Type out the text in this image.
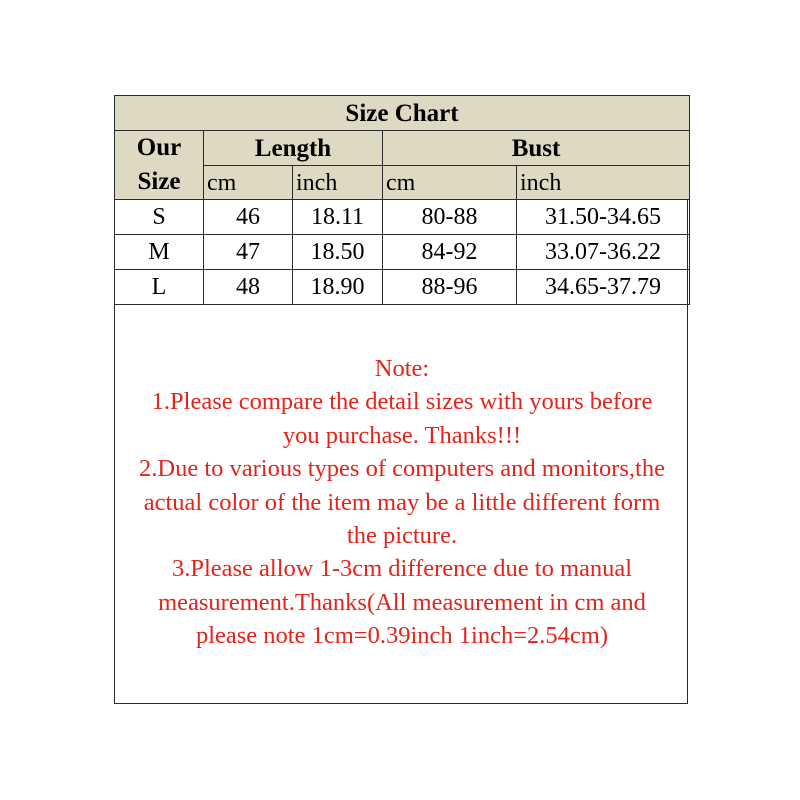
Size Chart				
Our
Size	Length		Bust	
	cm	inch	cm	inch
S	46	18.11	80-88	31.50-34.65
M	47	18.50	84-92	33.07-36.22
L	48	18.90	88-96	34.65-37.79
Note:
1.Please compare the detail sizes with yours before
you purchase. Thanks!!!
2.Due to various types of computers and monitors,the
actual color of the item may be a little different form
the picture.
3.Please allow 1-3cm difference due to manual
measurement.Thanks(All measurement in cm and
please note 1cm=0.39inch 1inch=2.54cm)
